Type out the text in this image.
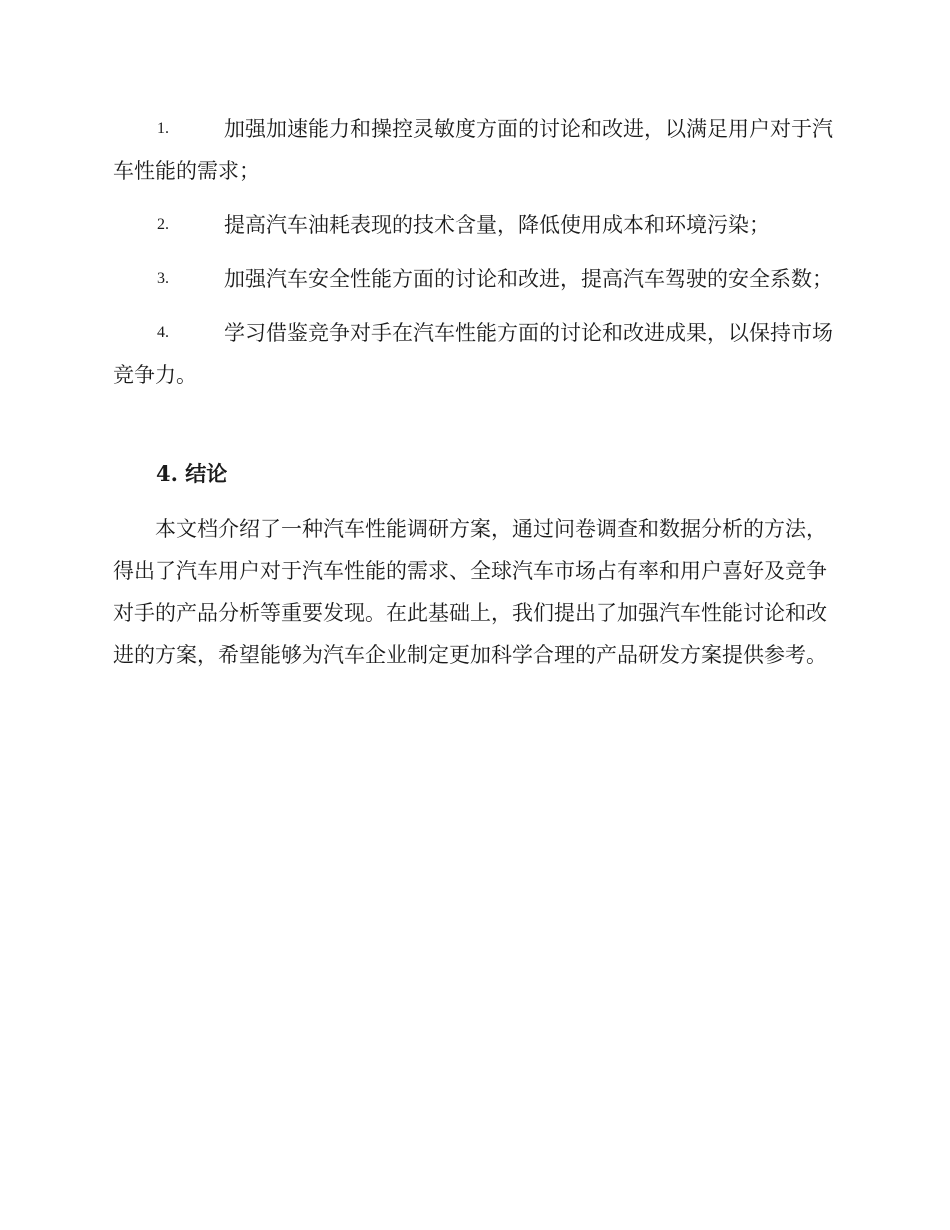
1.	加强加速能力和操控灵敏度方面的讨论和改进，以满足用户对于汽车性能的需求；
2.	提高汽车油耗表现的技术含量，降低使用成本和环境污染；
3.	加强汽车安全性能方面的讨论和改进，提高汽车驾驶的安全系数；
4.	学习借鉴竞争对手在汽车性能方面的讨论和改进成果，以保持市场竞争力。
4. 结论

本文档介绍了一种汽车性能调研方案，通过问卷调查和数据分析的方法，得出了汽车用户对于汽车性能的需求、全球汽车市场占有率和用户喜好及竞争对手的产品分析等重要发现。在此基础上，我们提出了加强汽车性能讨论和改进的方案，希望能够为汽车企业制定更加科学合理的产品研发方案提供参考。
